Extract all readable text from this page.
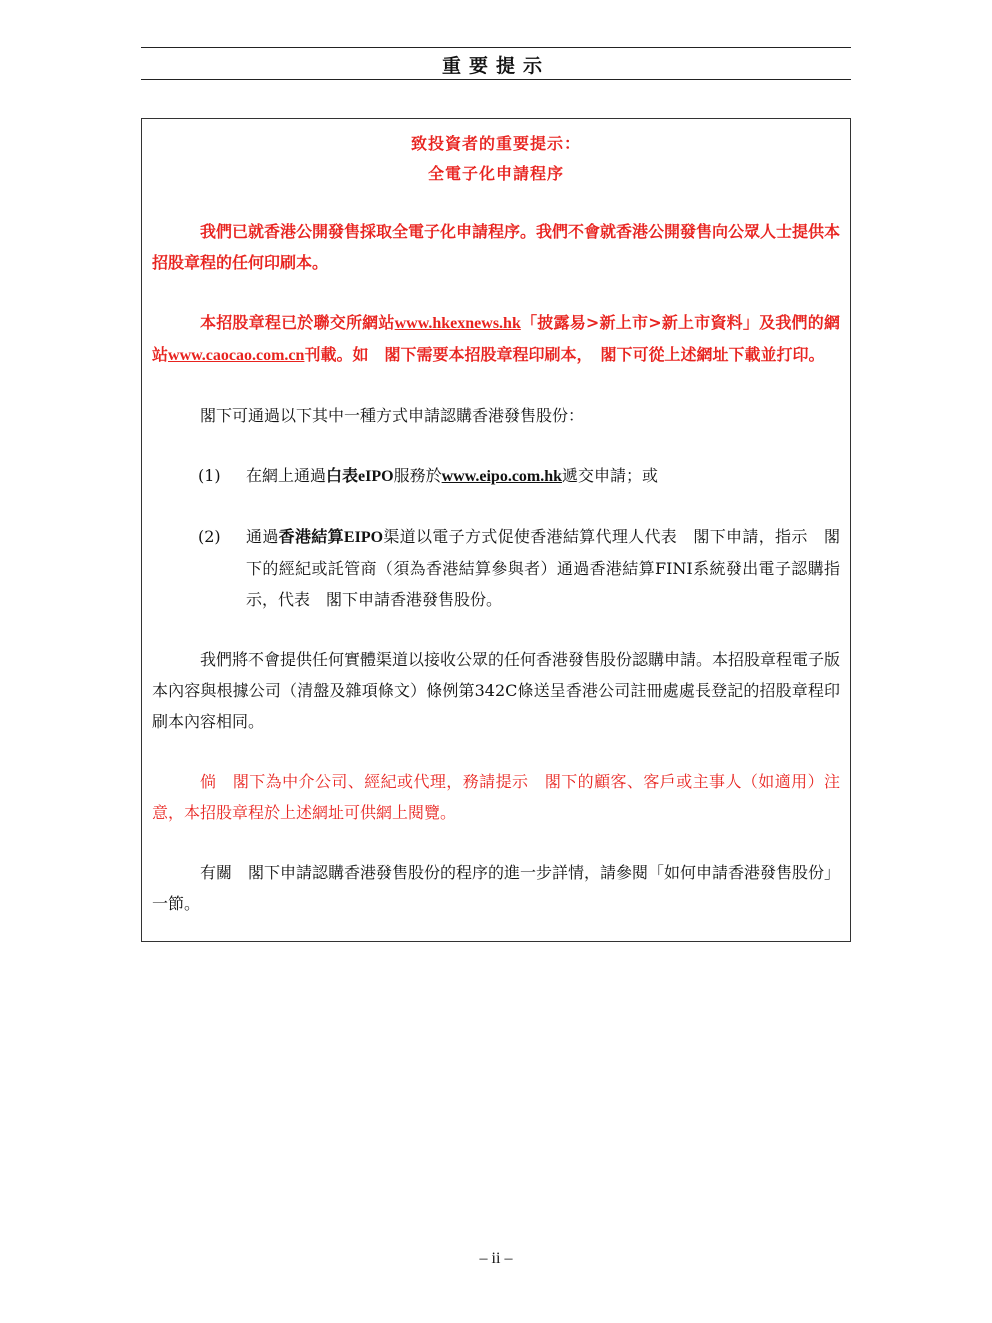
重要提示
致投資者的重要提示：
全電子化申請程序

我們已就香港公開發售採取全電子化申請程序。我們不會就香港公開發售向公眾人士提供本招股章程的任何印刷本。

本招股章程已於聯交所網站www.hkexnews.hk「披露易>新上市>新上市資料」及我們的網站www.caocao.com.cn刊載。如　閣下需要本招股章程印刷本，　閣下可從上述網址下載並打印。

閣下可通過以下其中一種方式申請認購香港發售股份：

(1) 在網上通過白表eIPO服務於www.eipo.com.hk遞交申請；或
(2) 通過香港結算EIPO渠道以電子方式促使香港結算代理人代表　閣下申請，指示　閣下的經紀或託管商（須為香港結算參與者）通過香港結算FINI系統發出電子認購指示，代表　閣下申請香港發售股份。

我們將不會提供任何實體渠道以接收公眾的任何香港發售股份認購申請。本招股章程電子版本內容與根據公司（清盤及雜項條文）條例第342C條送呈香港公司註冊處處長登記的招股章程印刷本內容相同。

倘　閣下為中介公司、經紀或代理，務請提示　閣下的顧客、客戶或主事人（如適用）注意，本招股章程於上述網址可供網上閱覽。

有關　閣下申請認購香港發售股份的程序的進一步詳情，請參閱「如何申請香港發售股份」一節。

– ii –
